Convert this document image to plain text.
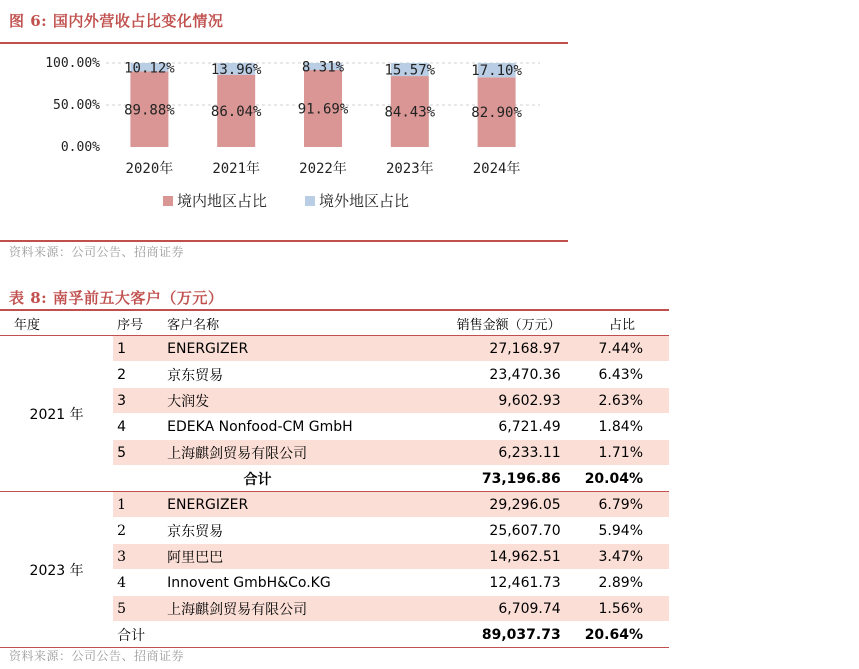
图 6: 国内外营收占比变化情况
0.00%
50.00%
100.00%
89.88%
10.12%
2020年
86.04%
13.96%
2021年
91.69%
8.31%
2022年
84.43%
15.57%
2023年
82.90%
17.10%
2024年
境内地区占比	境外地区占比
资料来源：公司公告、招商证券
表 8: 南孚前五大客户（万元）
年度	序号	客户名称	销售金额（万元）	占比
2021 年	1	ENERGIZER	27,168.97	7.44%
	2	京东贸易	23,470.36	6.43%
	3	大润发	9,602.93	2.63%
	4	EDEKA Nonfood-CM GmbH	6,721.49	1.84%
	5	上海麒剑贸易有限公司	6,233.11	1.71%
	合计		73,196.86	20.04%
2023 年	1	ENERGIZER	29,296.05	6.79%
	2	京东贸易	25,607.70	5.94%
	3	阿里巴巴	14,962.51	3.47%
	4	Innovent GmbH&Co.KG	12,461.73	2.89%
	5	上海麒剑贸易有限公司	6,709.74	1.56%
	合计		89,037.73	20.64%
资料来源：公司公告、招商证券
